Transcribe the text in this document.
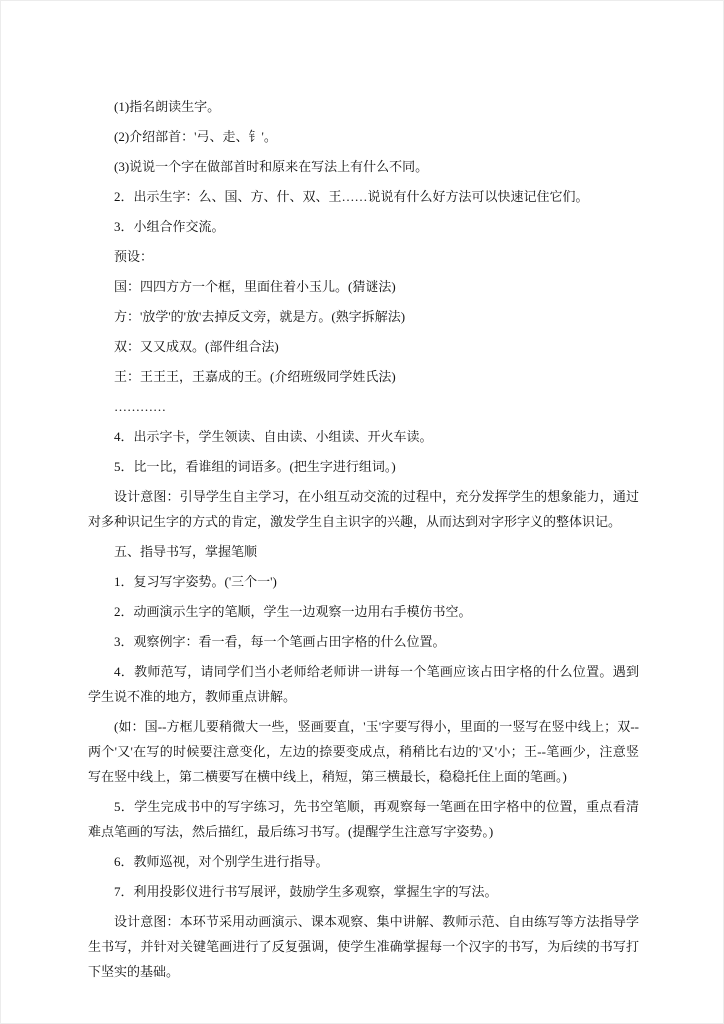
(1)指名朗读生字。

(2)介绍部首：'弓、走、钅'。

(3)说说一个字在做部首时和原来在写法上有什么不同。

2．出示生字：么、国、方、什、双、王……说说有什么好方法可以快速记住它们。

3．小组合作交流。

预设：

国：四四方方一个框，里面住着小玉儿。(猜谜法)

方：'放学'的'放'去掉反文旁，就是方。(熟字拆解法)

双：又又成双。(部件组合法)

王：王王王，王嘉成的王。(介绍班级同学姓氏法)

…………

4．出示字卡，学生领读、自由读、小组读、开火车读。

5．比一比，看谁组的词语多。(把生字进行组词。)

设计意图：引导学生自主学习，在小组互动交流的过程中，充分发挥学生的想象能力，通过对多种识记生字的方式的肯定，激发学生自主识字的兴趣，从而达到对字形字义的整体识记。

五、指导书写，掌握笔顺

1．复习写字姿势。('三个一')

2．动画演示生字的笔顺，学生一边观察一边用右手模仿书空。

3．观察例字：看一看，每一个笔画占田字格的什么位置。

4．教师范写，请同学们当小老师给老师讲一讲每一个笔画应该占田字格的什么位置。遇到学生说不准的地方，教师重点讲解。

(如：国--方框儿要稍微大一些，竖画要直，'玉'字要写得小，里面的一竖写在竖中线上；双--两个'又'在写的时候要注意变化，左边的捺要变成点，稍稍比右边的'又'小；王--笔画少，注意竖写在竖中线上，第二横要写在横中线上，稍短，第三横最长，稳稳托住上面的笔画。)

5．学生完成书中的写字练习，先书空笔顺，再观察每一笔画在田字格中的位置，重点看清难点笔画的写法，然后描红，最后练习书写。(提醒学生注意写字姿势。)

6．教师巡视，对个别学生进行指导。

7．利用投影仪进行书写展评，鼓励学生多观察，掌握生字的写法。

设计意图：本环节采用动画演示、课本观察、集中讲解、教师示范、自由练写等方法指导学生书写，并针对关键笔画进行了反复强调，使学生准确掌握每一个汉字的书写，为后续的书写打下坚实的基础。
